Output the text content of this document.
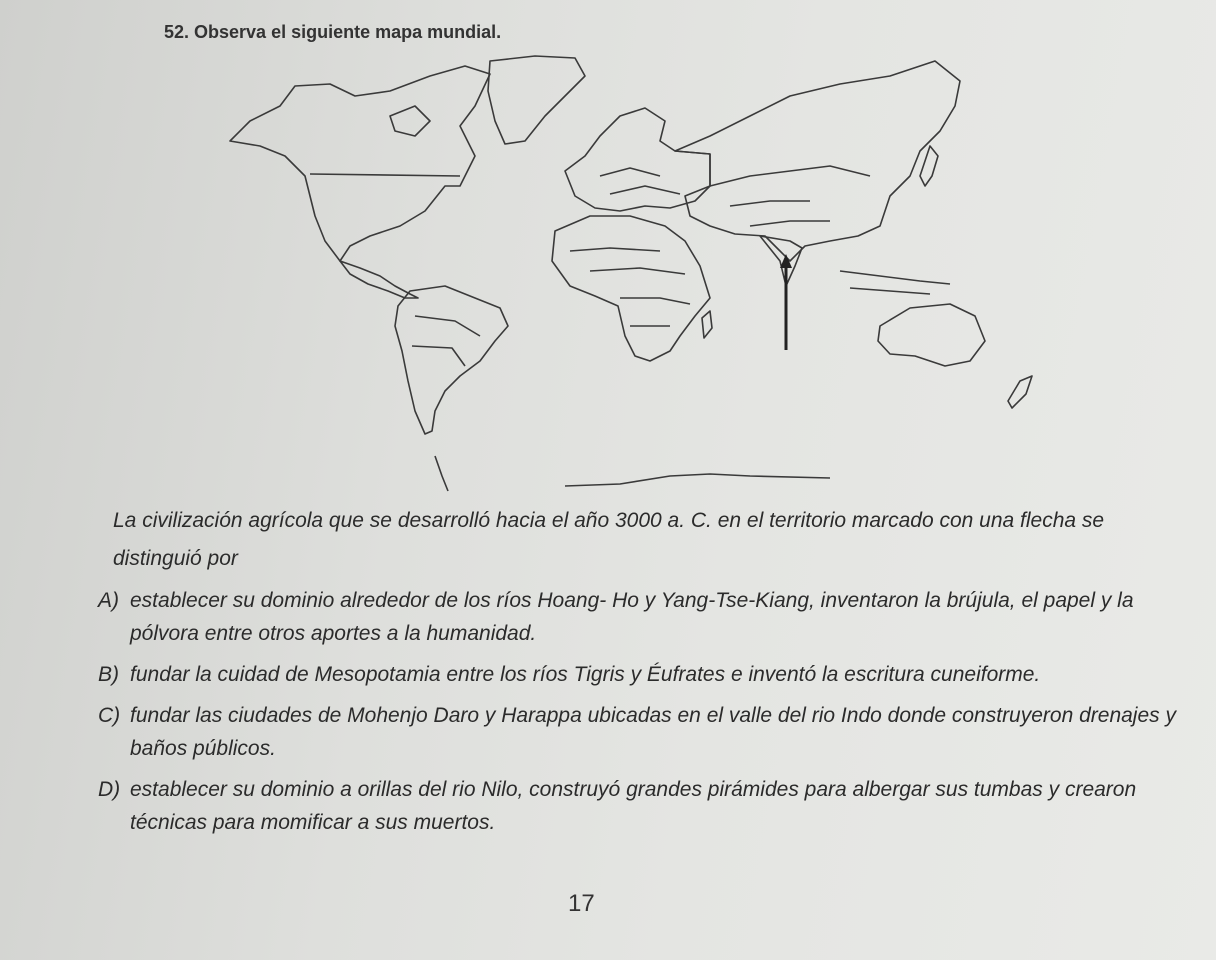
52. Observa el siguiente mapa mundial.
La civilización agrícola que se desarrolló hacia el año 3000 a. C. en el territorio marcado con una flecha se distinguió por
A) establecer su dominio alrededor de los ríos Hoang- Ho y Yang-Tse-Kiang, inventaron la brújula, el papel y la pólvora entre otros aportes a la humanidad.
B) fundar la cuidad de Mesopotamia entre los ríos Tigris y Éufrates e inventó la escritura cuneiforme.
C) fundar las ciudades de Mohenjo Daro y Harappa ubicadas en el valle del rio Indo donde construyeron drenajes y baños públicos.
D) establecer su dominio a orillas del rio Nilo, construyó grandes pirámides para albergar sus tumbas y crearon técnicas para momificar a sus muertos.
17
